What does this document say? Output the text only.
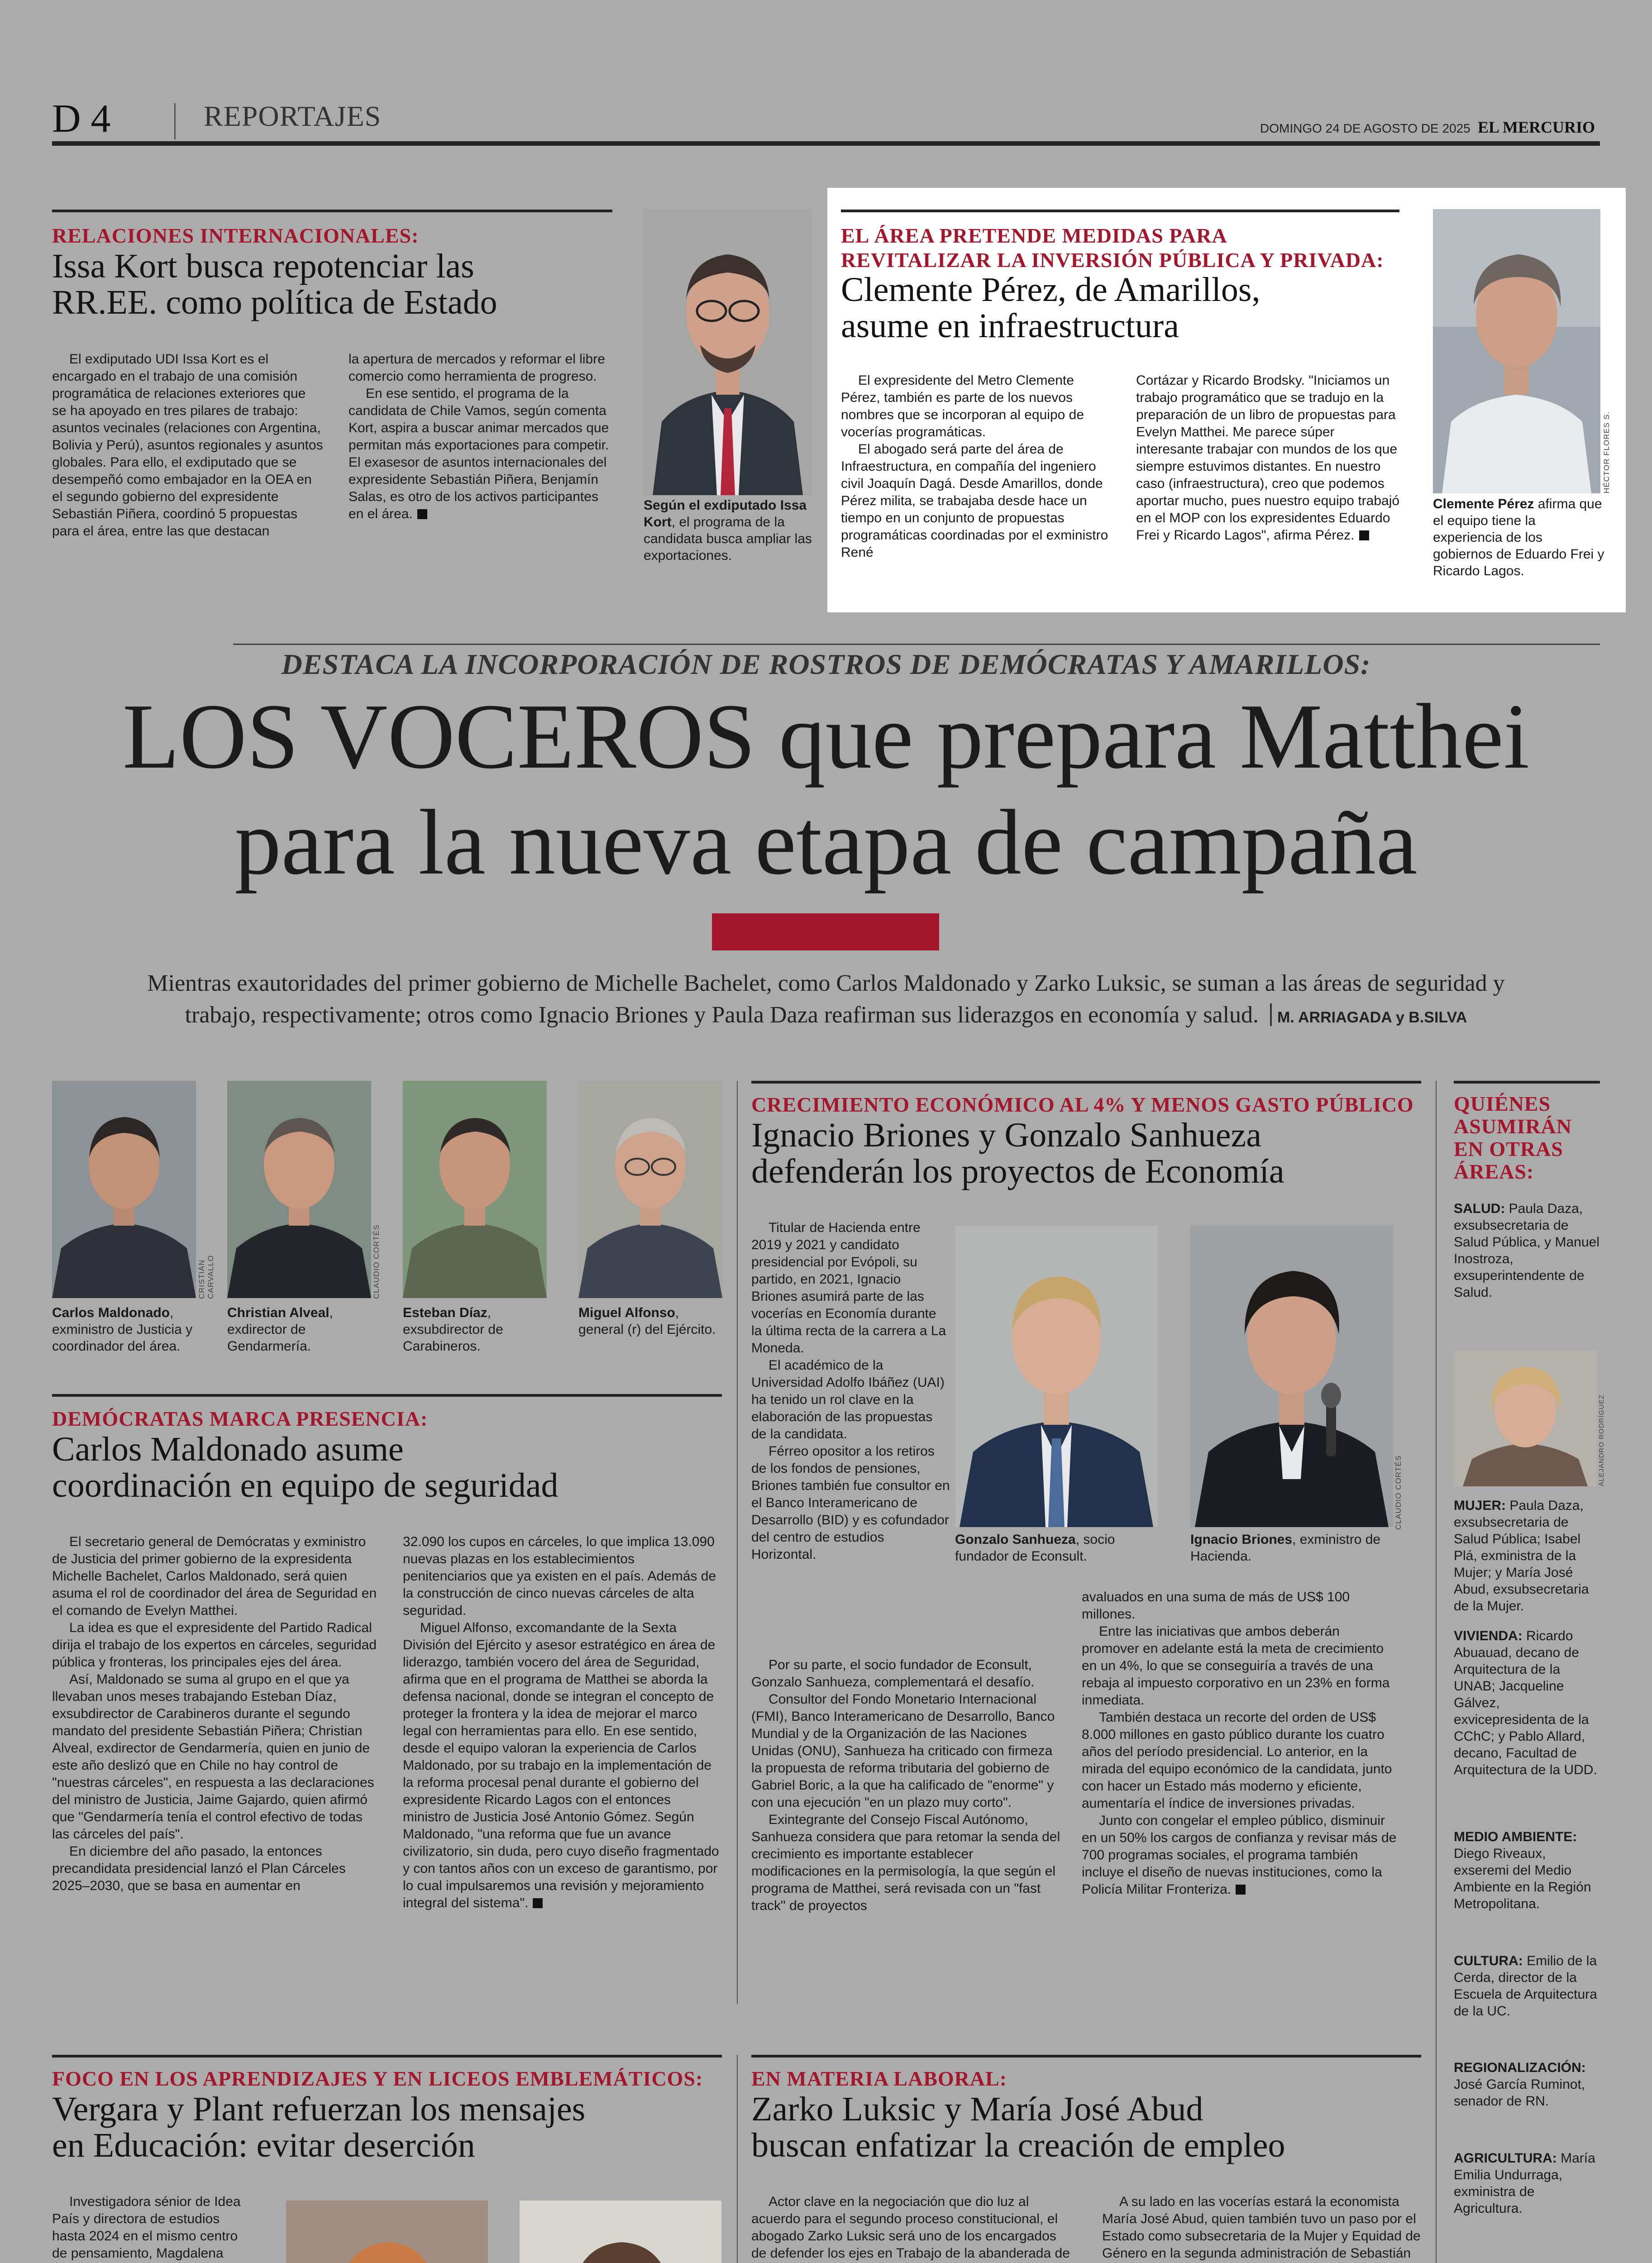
D 4	REPORTAJES	DOMINGO 24 DE AGOSTO DE 2025 EL MERCURIO
RELACIONES INTERNACIONALES:
Issa Kort busca repotenciar las
RR.EE. como política de Estado

El exdiputado UDI Issa Kort es el encargado en el trabajo de una comisión programática de relaciones exteriores que se ha apoyado en tres pilares de trabajo: asuntos vecinales (relaciones con Argentina, Bolivia y Perú), asuntos regionales y asuntos globales. Para ello, el exdiputado que se desempeñó como embajador en la OEA en el segundo gobierno del expresidente Sebastián Piñera, coordinó 5 propuestas para el área, entre las que destacan

la apertura de mercados y reformar el libre comercio como herramienta de progreso.

En ese sentido, el programa de la candidata de Chile Vamos, según comenta Kort, aspira a buscar animar mercados que permitan más exportaciones para competir. El exasesor de asuntos internacionales del expresidente Sebastián Piñera, Benjamín Salas, es otro de los activos participantes en el área.

Según el exdiputado Issa Kort, el programa de la candidata busca ampliar las exportaciones.
EL ÁREA PRETENDE MEDIDAS PARA
REVITALIZAR LA INVERSIÓN PÚBLICA Y PRIVADA:
Clemente Pérez, de Amarillos,
asume en infraestructura

El expresidente del Metro Clemente Pérez, también es parte de los nuevos nombres que se incorporan al equipo de vocerías programáticas.

El abogado será parte del área de Infraestructura, en compañía del ingeniero civil Joaquín Dagá. Desde Amarillos, donde Pérez milita, se trabajaba desde hace un tiempo en un conjunto de propuestas programáticas coordinadas por el exministro René

Cortázar y Ricardo Brodsky. "Iniciamos un trabajo programático que se tradujo en la preparación de un libro de propuestas para Evelyn Matthei. Me parece súper interesante trabajar con mundos de los que siempre estuvimos distantes. En nuestro caso (infraestructura), creo que podemos aportar mucho, pues nuestro equipo trabajó en el MOP con los expresidentes Eduardo Frei y Ricardo Lagos", afirma Pérez.

HÉCTOR FLORES S.
Clemente Pérez afirma que el equipo tiene la experiencia de los gobiernos de Eduardo Frei y Ricardo Lagos.
DESTACA LA INCORPORACIÓN DE ROSTROS DE DEMÓCRATAS Y AMARILLOS:
LOS VOCEROS que prepara Matthei
para la nueva etapa de campaña
Mientras exautoridades del primer gobierno de Michelle Bachelet, como Carlos Maldonado y Zarko Luksic, se suman a las áreas de seguridad y
trabajo, respectivamente; otros como Ignacio Briones y Paula Daza reafirman sus liderazgos en economía y salud. M. ARRIAGADA y B.SILVA
CRISTIÁN CARVALLO	CLAUDIO CORTÉS
Carlos Maldonado, exministro de Justicia y coordinador del área.
Christian Alveal, exdirector de Gendarmería.
Esteban Díaz, exsubdirector de Carabineros.
Miguel Alfonso, general (r) del Ejército.
DEMÓCRATAS MARCA PRESENCIA:
Carlos Maldonado asume
coordinación en equipo de seguridad

El secretario general de Demócratas y exministro de Justicia del primer gobierno de la expresidenta Michelle Bachelet, Carlos Maldonado, será quien asuma el rol de coordinador del área de Seguridad en el comando de Evelyn Matthei.

La idea es que el expresidente del Partido Radical dirija el trabajo de los expertos en cárceles, seguridad pública y fronteras, los principales ejes del área.

Así, Maldonado se suma al grupo en el que ya llevaban unos meses trabajando Esteban Díaz, exsubdirector de Carabineros durante el segundo mandato del presidente Sebastián Piñera; Christian Alveal, exdirector de Gendarmería, quien en junio de este año deslizó que en Chile no hay control de "nuestras cárceles", en respuesta a las declaraciones del ministro de Justicia, Jaime Gajardo, quien afirmó que "Gendarmería tenía el control efectivo de todas las cárceles del país".

En diciembre del año pasado, la entonces precandidata presidencial lanzó el Plan Cárceles 2025–2030, que se basa en aumentar en

32.090 los cupos en cárceles, lo que implica 13.090 nuevas plazas en los establecimientos penitenciarios que ya existen en el país. Además de la construcción de cinco nuevas cárceles de alta seguridad.

Miguel Alfonso, excomandante de la Sexta División del Ejército y asesor estratégico en área de liderazgo, también vocero del área de Seguridad, afirma que en el programa de Matthei se aborda la defensa nacional, donde se integran el concepto de proteger la frontera y la idea de mejorar el marco legal con herramientas para ello. En ese sentido, desde el equipo valoran la experiencia de Carlos Maldonado, por su trabajo en la implementación de la reforma procesal penal durante el gobierno del expresidente Ricardo Lagos con el entonces ministro de Justicia José Antonio Gómez. Según Maldonado, "una reforma que fue un avance civilizatorio, sin duda, pero cuyo diseño fragmentado y con tantos años con un exceso de garantismo, por lo cual impulsaremos una revisión y mejoramiento integral del sistema".

CRECIMIENTO ECONÓMICO AL 4% Y MENOS GASTO PÚBLICO
Ignacio Briones y Gonzalo Sanhueza
defenderán los proyectos de Economía

Titular de Hacienda entre 2019 y 2021 y candidato presidencial por Evópoli, su partido, en 2021, Ignacio Briones asumirá parte de las vocerías en Economía durante la última recta de la carrera a La Moneda.

El académico de la Universidad Adolfo Ibáñez (UAI) ha tenido un rol clave en la elaboración de las propuestas de la candidata.

Férreo opositor a los retiros de los fondos de pensiones, Briones también fue consultor en el Banco Interamericano de Desarrollo (BID) y es cofundador del centro de estudios Horizontal.

Por su parte, el socio fundador de Econsult, Gonzalo Sanhueza, complementará el desafío.

Consultor del Fondo Monetario Internacional (FMI), Banco Interamericano de Desarrollo, Banco Mundial y de la Organización de las Naciones Unidas (ONU), Sanhueza ha criticado con firmeza la propuesta de reforma tributaria del gobierno de Gabriel Boric, a la que ha calificado de "enorme" y con una ejecución "en un plazo muy corto".

Exintegrante del Consejo Fiscal Autónomo, Sanhueza considera que para retomar la senda del crecimiento es importante establecer modificaciones en la permisología, la que según el programa de Matthei, será revisada con un "fast track" de proyectos

CLAUDIO CORTÉS
Gonzalo Sanhueza, socio fundador de Econsult.
Ignacio Briones, exministro de Hacienda.

avaluados en una suma de más de US$ 100 millones.

Entre las iniciativas que ambos deberán promover en adelante está la meta de crecimiento en un 4%, lo que se conseguiría a través de una rebaja al impuesto corporativo en un 23% en forma inmediata.

También destaca un recorte del orden de US$ 8.000 millones en gasto público durante los cuatro años del período presidencial. Lo anterior, en la mirada del equipo económico de la candidata, junto con hacer un Estado más moderno y eficiente, aumentaría el índice de inversiones privadas.

Junto con congelar el empleo público, disminuir en un 50% los cargos de confianza y revisar más de 700 programas sociales, el programa también incluye el diseño de nuevas instituciones, como la Policía Militar Fronteriza.

QUIÉNES
ASUMIRÁN
EN OTRAS
ÁREAS:
SALUD: Paula Daza, exsubsecretaria de Salud Pública, y Manuel Inostroza, exsuperintendente de Salud.
ALEJANDRO RODRÍGUEZ
MUJER: Paula Daza, exsubsecretaria de Salud Pública; Isabel Plá, exministra de la Mujer; y María José Abud, exsubsecretaria de la Mujer.
VIVIENDA: Ricardo Abuauad, decano de Arquitectura de la UNAB; Jacqueline Gálvez, exvicepresidenta de la CChC; y Pablo Allard, decano, Facultad de Arquitectura de la UDD.
MEDIO AMBIENTE: Diego Riveaux, exseremi del Medio Ambiente en la Región Metropolitana.
CULTURA: Emilio de la Cerda, director de la Escuela de Arquitectura de la UC.
REGIONALIZACIÓN: José García Ruminot, senador de RN.
AGRICULTURA: María Emilia Undurraga, exministra de Agricultura.
FOCO EN LOS APRENDIZAJES Y EN LICEOS EMBLEMÁTICOS:
Vergara y Plant refuerzan los mensajes
en Educación: evitar deserción

Investigadora sénior de Idea País y directora de estudios hasta 2024 en el mismo centro de pensamiento, Magdalena

EN MATERIA LABORAL:
Zarko Luksic y María José Abud
buscan enfatizar la creación de empleo

Actor clave en la negociación que dio luz al acuerdo para el segundo proceso constitucional, el abogado Zarko Luksic será uno de los encargados de defender los ejes en Trabajo de la abanderada de

A su lado en las vocerías estará la economista María José Abud, quien también tuvo un paso por el Estado como subsecretaria de la Mujer y Equidad de Género en la segunda administración de Sebastián
